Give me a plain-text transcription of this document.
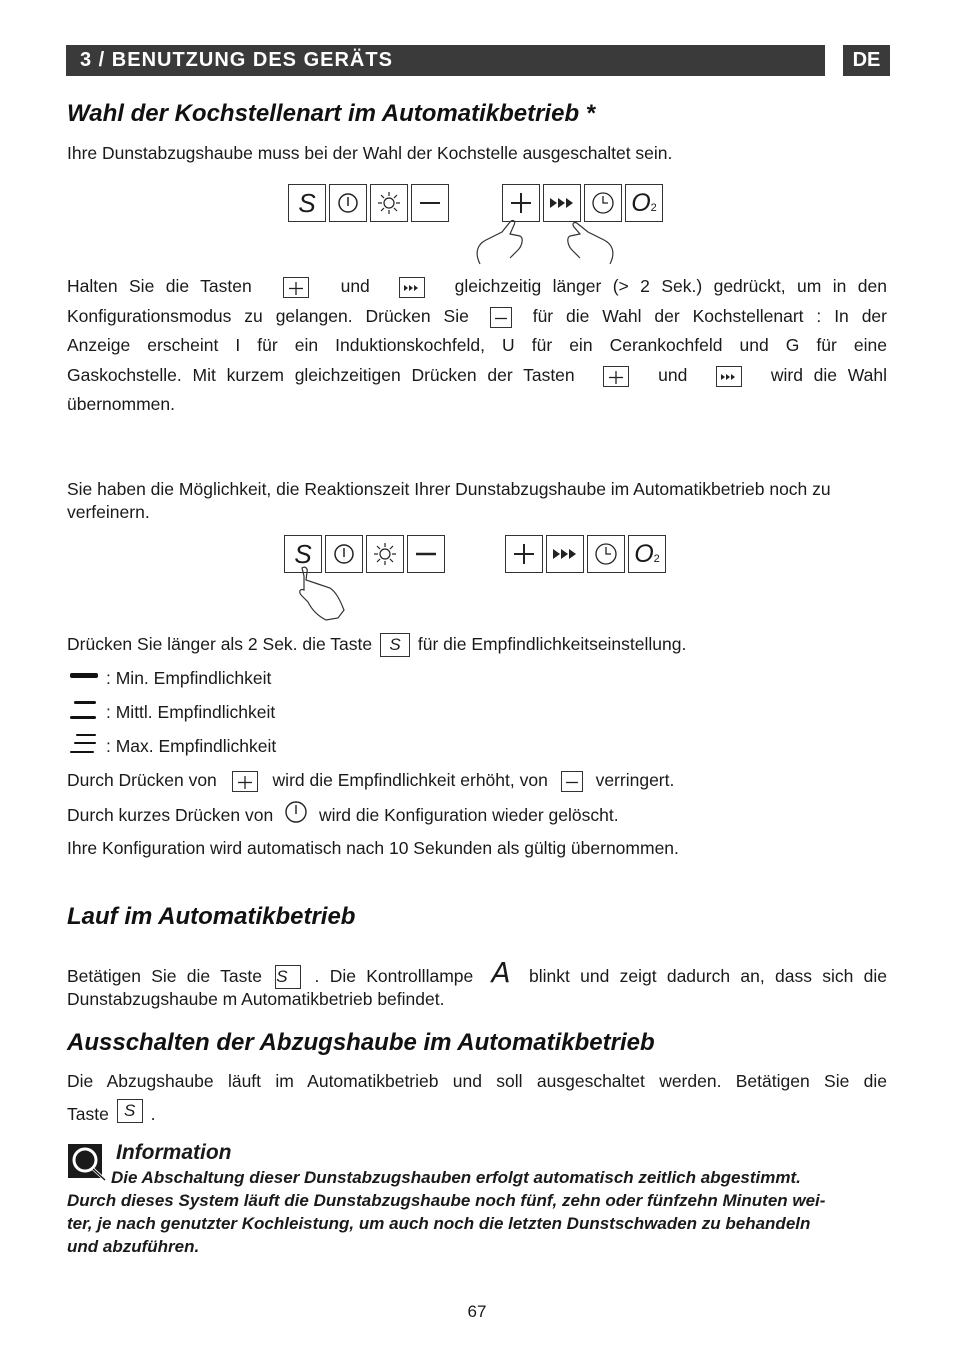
3 / BENUTZUNG DES GERÄTS	DE
Wahl der Kochstellenart im Automatikbetrieb *
Ihre Dunstabzugshaube muss bei der Wahl der Kochstelle ausgeschaltet sein.
S	O 2
Halten Sie die Tasten	und	gleichzeitig länger (> 2 Sek.) gedrückt, um in den
Konfigurationsmodus zu gelangen. Drücken Sie	für die Wahl der Kochstellenart : In der
Anzeige erscheint I für ein Induktionskochfeld, U für ein Cerankochfeld und G für eine
Gaskochstelle. Mit kurzem gleichzeitigen Drücken der Tasten	und	wird die Wahl
übernommen.
Sie haben die Möglichkeit, die Reaktionszeit Ihrer Dunstabzugshaube im Automatikbetrieb noch zu verfeinern.
S	O 2
Drücken Sie länger als 2 Sek. die Taste S für die Empfindlichkeitseinstellung.
: Min. Empfindlichkeit
: Mittl. Empfindlichkeit
: Max. Empfindlichkeit
Durch Drücken von	wird die Empfindlichkeit erhöht, von	verringert.
Durch kurzes Drücken von	wird die Konfiguration wieder gelöscht.
Ihre Konfiguration wird automatisch nach 10 Sekunden als gültig übernommen.
Lauf im Automatikbetrieb
Betätigen Sie die Taste S . Die Kontrolllampe A blinkt und zeigt dadurch an, dass sich die
Dunstabzugshaube m Automatikbetrieb befindet.
Ausschalten der Abzugshaube im Automatikbetrieb
Die Abzugshaube läuft im Automatikbetrieb und soll ausgeschaltet werden. Betätigen Sie die
Taste S .
Information
Die Abschaltung dieser Dunstabzugshauben erfolgt automatisch zeitlich abgestimmt.
Durch dieses System läuft die Dunstabzugshaube noch fünf, zehn oder fünfzehn Minuten wei-
ter, je nach genutzter Kochleistung, um auch noch die letzten Dunstschwaden zu behandeln
und abzuführen.
67
